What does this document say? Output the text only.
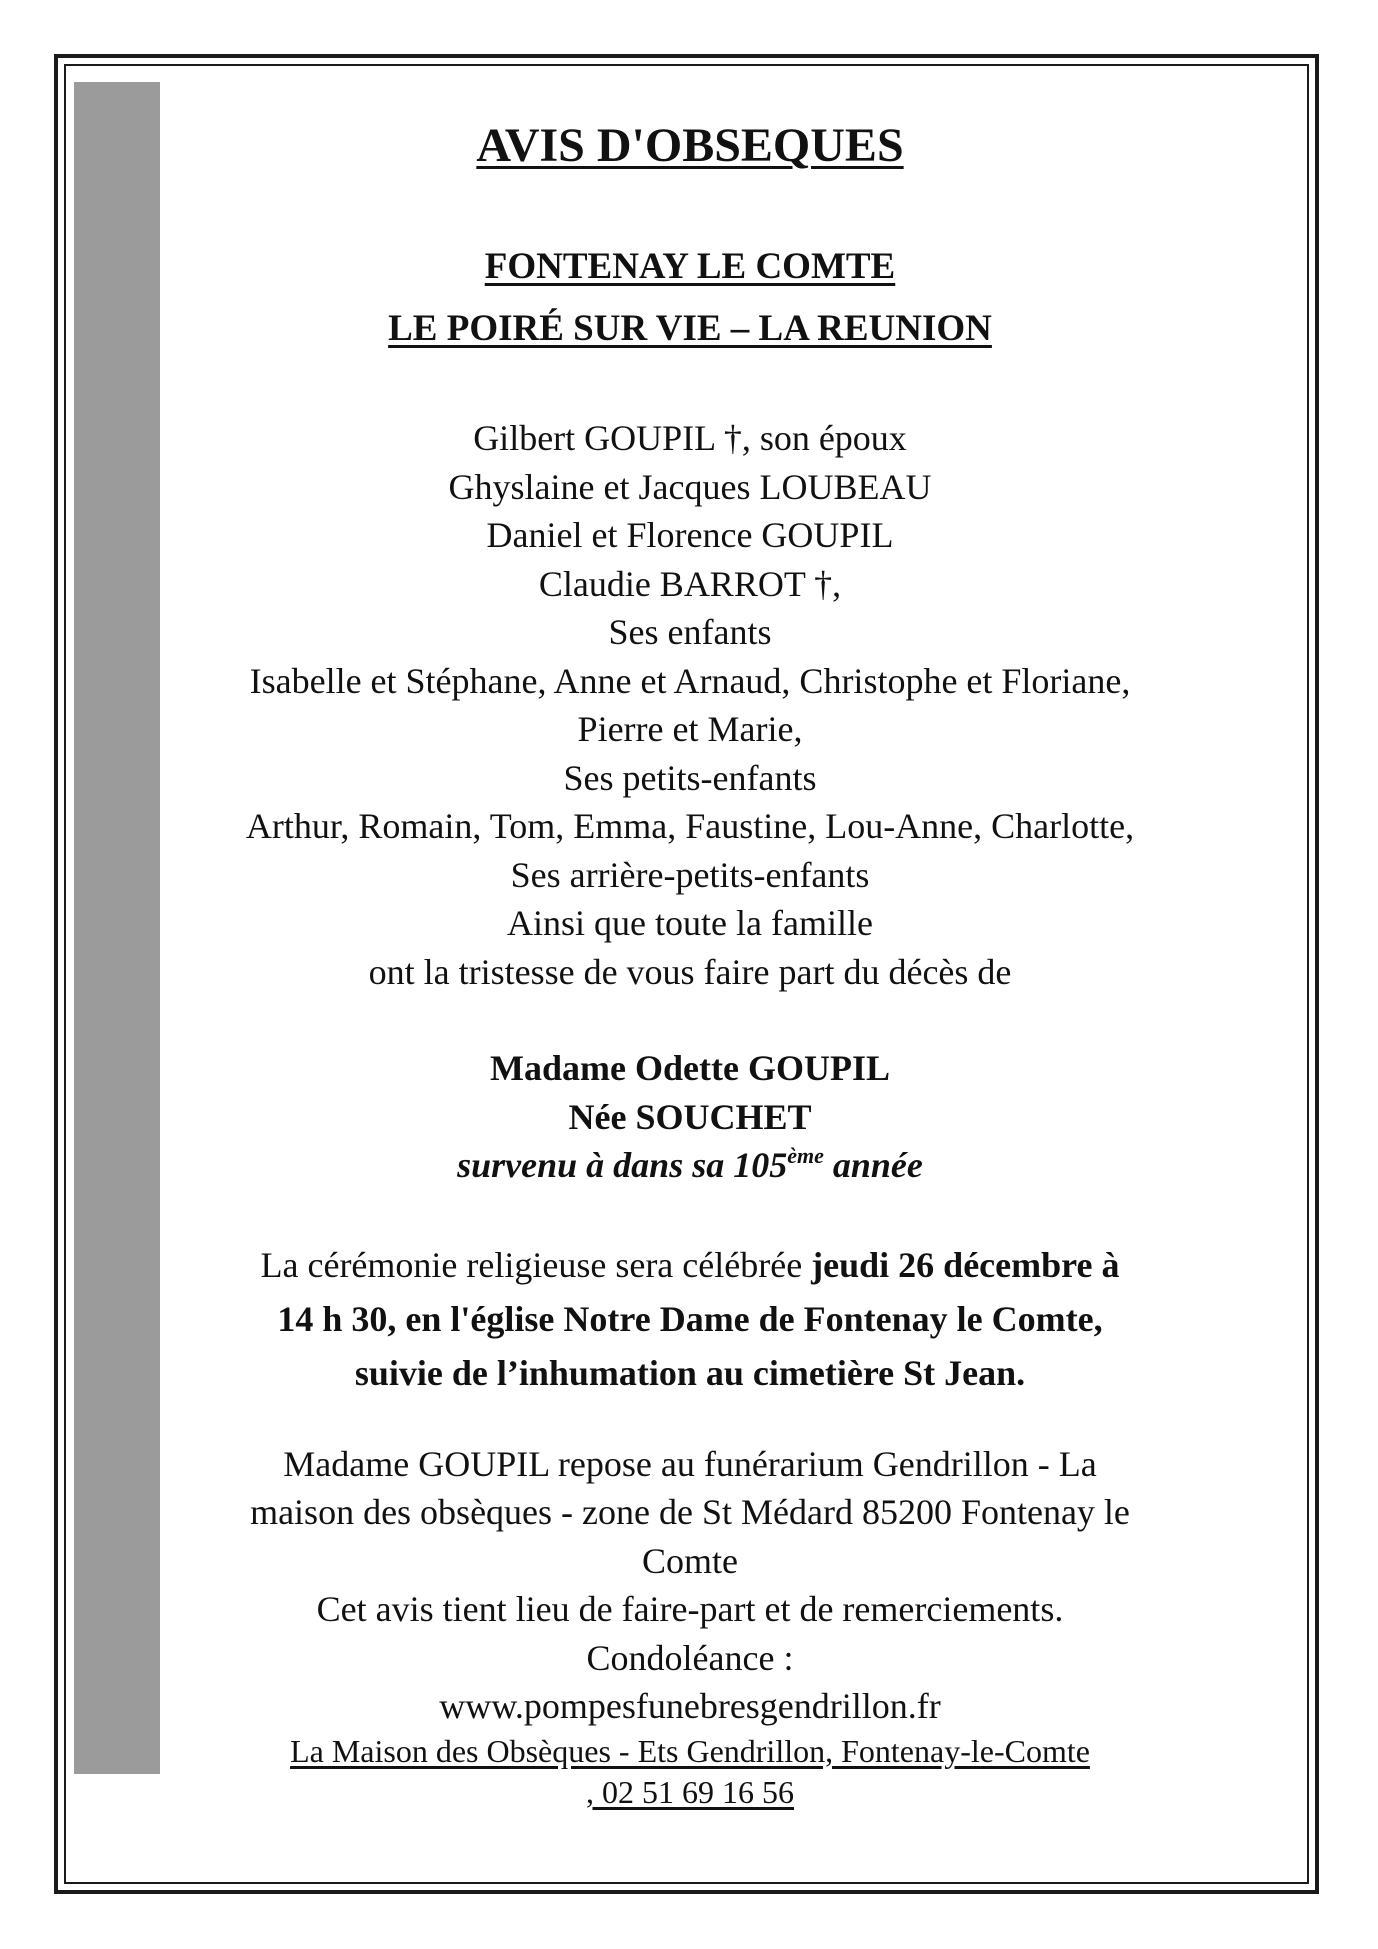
AVIS D'OBSEQUES
FONTENAY LE COMTE
LE POIRÉ SUR VIE – LA REUNION
Gilbert GOUPIL †, son époux
Ghyslaine et Jacques LOUBEAU
Daniel et Florence GOUPIL
Claudie BARROT †,
Ses enfants
Isabelle et Stéphane, Anne et Arnaud, Christophe et Floriane,
Pierre et Marie,
Ses petits-enfants
Arthur, Romain, Tom, Emma, Faustine, Lou-Anne, Charlotte,
Ses arrière-petits-enfants
Ainsi que toute la famille
ont la tristesse de vous faire part du décès de
Madame Odette GOUPIL
Née SOUCHET
survenu à dans sa 105ème année
La cérémonie religieuse sera célébrée jeudi 26 décembre à
14 h 30, en l'église Notre Dame de Fontenay le Comte,
suivie de l’inhumation au cimetière St Jean.
Madame GOUPIL repose au funérarium Gendrillon - La
maison des obsèques - zone de St Médard 85200 Fontenay le
Comte
Cet avis tient lieu de faire-part et de remerciements.
Condoléance :
www.pompesfunebresgendrillon.fr
La Maison des Obsèques - Ets Gendrillon, Fontenay-le-Comte
, 02 51 69 16 56
